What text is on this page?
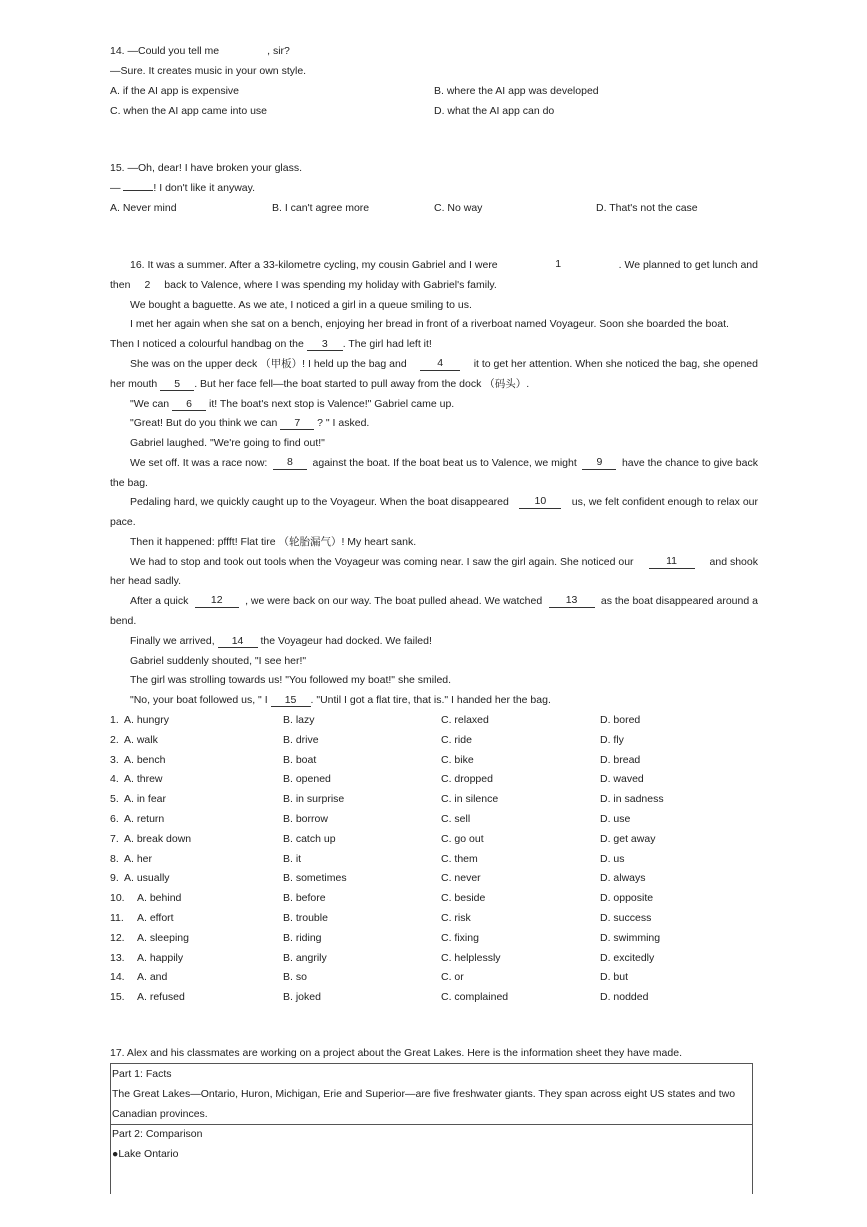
14. —Could you tell me	, sir?
—Sure. It creates music in your own style.
A. if the AI app is expensive	B. where the AI app was developed
C. when the AI app came into use	D. what the AI app can do
15. —Oh, dear! I have broken your glass.
—	! I don't like it anyway.
A. Never mind	B. I can't agree more	C. No way	D. That's not the case
16. It was a summer. After a 33-kilometre cycling, my cousin Gabriel and I were	1	. We planned to get lunch and
then 2 back to Valence, where I was spending my holiday with Gabriel's family.
We bought a baguette. As we ate, I noticed a girl in a queue smiling to us.
I met her again when she sat on a bench, enjoying her bread in front of a riverboat named Voyageur. Soon she boarded the boat.
Then I noticed a colourful handbag on the 3 . The girl had left it!
She was on the upper deck （甲板）! I held up the bag and	4	it to get her attention. When she noticed the bag, she opened
her mouth 5 . But her face fell—the boat started to pull away from the dock （码头）.
"We can 6 it! The boat's next stop is Valence!" Gabriel came up.
"Great! But do you think we can 7 ? " I asked.
Gabriel laughed. "We're going to find out!"
We set off. It was a race now:	8	against the boat. If the boat beat us to Valence, we might	9	have the chance to give back
the bag.
Pedaling hard, we quickly caught up to the Voyageur. When the boat disappeared	10	us, we felt confident enough to relax our
pace.
Then it happened: pffft! Flat tire （轮胎漏气）! My heart sank.
We had to stop and took out tools when the Voyageur was coming near. I saw the girl again. She noticed our	11	and shook
her head sadly.
After a quick	12	, we were back on our way. The boat pulled ahead. We watched	13	as the boat disappeared around a
bend.
Finally we arrived, 14 the Voyageur had docked. We failed!
Gabriel suddenly shouted, "I see her!"
The girl was strolling towards us! "You followed my boat!" she smiled.
"No, your boat followed us, " I 15 . "Until I got a flat tire, that is." I handed her the bag.
1. A. hungry	B. lazy	C. relaxed	D. bored
2. A. walk	B. drive	C. ride	D. fly
3. A. bench	B. boat	C. bike	D. bread
4. A. threw	B. opened	C. dropped	D. waved
5. A. in fear	B. in surprise	C. in silence	D. in sadness
6. A. return	B. borrow	C. sell	D. use
7. A. break down	B. catch up	C. go out	D. get away
8. A. her	B. it	C. them	D. us
9. A. usually	B. sometimes	C. never	D. always
10. A. behind	B. before	C. beside	D. opposite
11. A. effort	B. trouble	C. risk	D. success
12. A. sleeping	B. riding	C. fixing	D. swimming
13. A. happily	B. angrily	C. helplessly	D. excitedly
14. A. and	B. so	C. or	D. but
15. A. refused	B. joked	C. complained	D. nodded
17. Alex and his classmates are working on a project about the Great Lakes. Here is the information sheet they have made.
Part 1: Facts
The Great Lakes—Ontario, Huron, Michigan, Erie and Superior—are five freshwater giants. They span across eight US states and two
Canadian provinces.
Part 2: Comparison
●Lake Ontario
